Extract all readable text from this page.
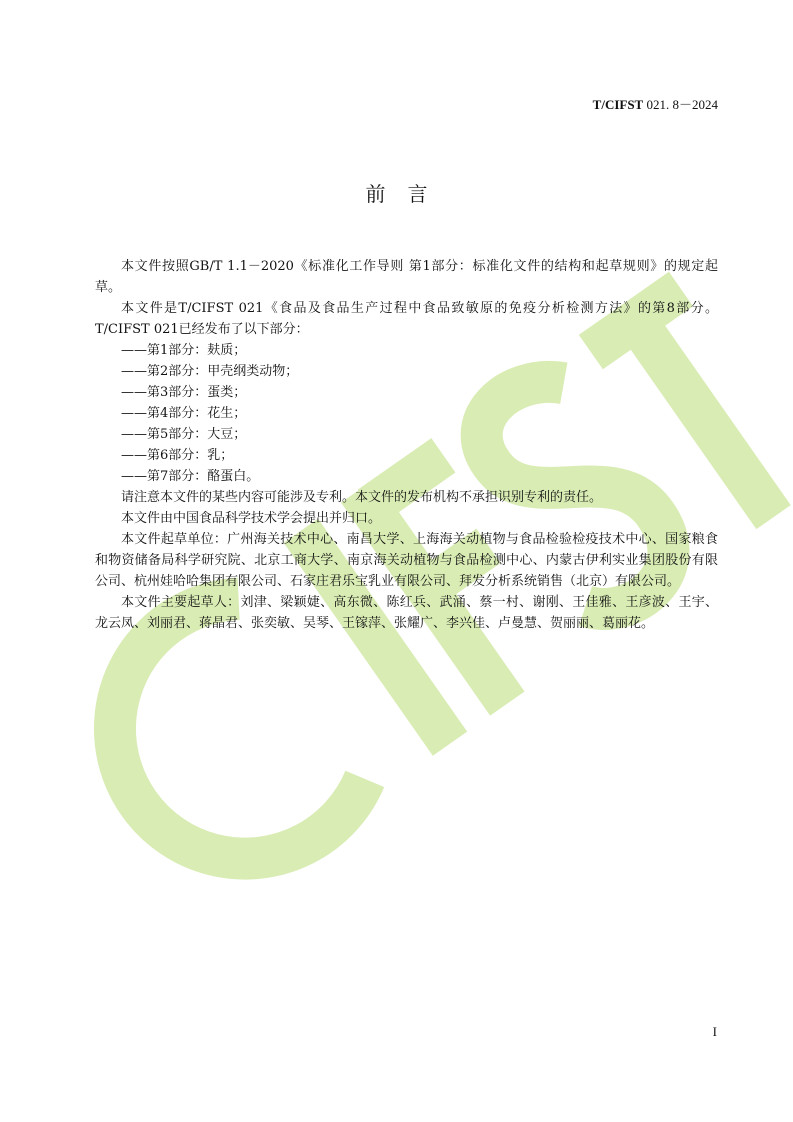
T/CIFST 021. 8－2024
前言

本文件按照GB/T 1.1－2020《标准化工作导则 第1部分：标准化文件的结构和起草规则》的规定起草。

本文件是T/CIFST 021《食品及食品生产过程中食品致敏原的免疫分析检测方法》的第8部分。T/CIFST 021已经发布了以下部分：

——第1部分：麸质；

——第2部分：甲壳纲类动物；

——第3部分：蛋类；

——第4部分：花生；

——第5部分：大豆；

——第6部分：乳；

——第7部分：酪蛋白。

请注意本文件的某些内容可能涉及专利。本文件的发布机构不承担识别专利的责任。

本文件由中国食品科学技术学会提出并归口。

本文件起草单位：广州海关技术中心、南昌大学、上海海关动植物与食品检验检疫技术中心、国家粮食和物资储备局科学研究院、北京工商大学、南京海关动植物与食品检测中心、内蒙古伊利实业集团股份有限公司、杭州娃哈哈集团有限公司、石家庄君乐宝乳业有限公司、拜发分析系统销售（北京）有限公司。

本文件主要起草人：刘津、梁颖婕、高东微、陈红兵、武涌、蔡一村、谢刚、王佳雅、王彦波、王宇、龙云凤、刘丽君、蒋晶君、张奕敏、吴琴、王镓萍、张耀广、李兴佳、卢曼慧、贺丽丽、葛丽花。

I
